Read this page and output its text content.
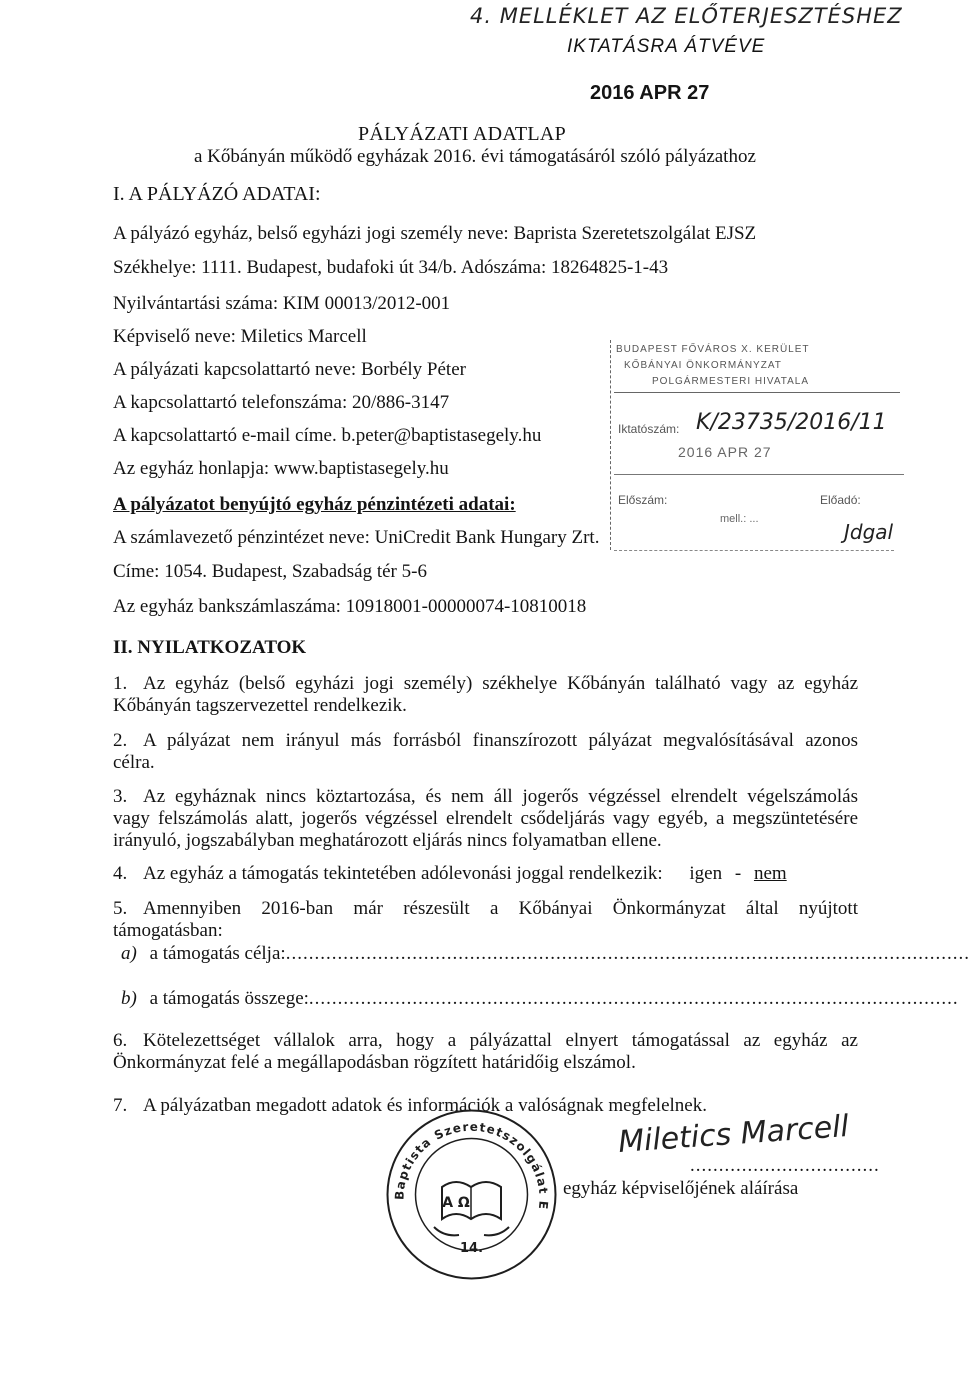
4. MELLÉKLET AZ ELŐTERJESZTÉSHEZ
IKTATÁSRA ÁTVÉVE
2016 APR 27
PÁLYÁZATI ADATLAP
a Kőbányán működő egyházak 2016. évi támogatásáról szóló pályázathoz
I. A PÁLYÁZÓ ADATAI:
A pályázó egyház, belső egyházi jogi személy neve: Baprista Szeretetszolgálat EJSZ
Székhelye: 1111. Budapest, budafoki út 34/b. Adószáma: 18264825-1-43
Nyilvántartási száma: KIM 00013/2012-001
Képviselő neve: Miletics Marcell
A pályázati kapcsolattartó neve: Borbély Péter
A kapcsolattartó telefonszáma: 20/886-3147
A kapcsolattartó e-mail címe. b.peter@baptistasegely.hu
Az egyház honlapja: www.baptistasegely.hu
A pályázatot benyújtó egyház pénzintézeti adatai:
A számlavezető pénzintézet neve: UniCredit Bank Hungary Zrt.
Címe: 1054. Budapest, Szabadság tér 5-6
Az egyház bankszámlaszáma: 10918001-00000074-10810018
BUDAPEST FŐVÁROS X. KERÜLET
KŐBÁNYAI ÖNKORMÁNYZAT
POLGÁRMESTERI HIVATALA
Iktatószám: K/23735/2016/11
2016 APR 27
Előszám:
mell.: ...
Előadó:
Jdgal
II. NYILATKOZATOK
1. Az egyház (belső egyházi jogi személy) székhelye Kőbányán található vagy az egyház
Kőbányán tagszervezettel rendelkezik.
2. A pályázat nem irányul más forrásból finanszírozott pályázat megvalósításával azonos
célra.
3. Az egyháznak nincs köztartozása, és nem áll jogerős végzéssel elrendelt végelszámolás
vagy felszámolás alatt, jogerős végzéssel elrendelt csődeljárás vagy egyéb, a megszüntetésére
irányuló, jogszabályban meghatározott eljárás nincs folyamatban ellene.
4. Az egyház a támogatás tekintetében adólevonási joggal rendelkezik: igen - nem
5. Amennyiben 2016-ban már részesült a Kőbányai Önkormányzat által nyújtott
támogatásban:
a) a támogatás célja:.......................................................................................................................
b) a támogatás összege:.................................................................................................................
6. Kötelezettséget vállalok arra, hogy a pályázattal elnyert támogatással az egyház az
Önkormányzat felé a megállapodásban rögzített határidőig elszámol.
7. A pályázatban megadott adatok és információk a valóságnak megfelelnek.
Miletics Marcell
.................................
egyház képviselőjének aláírása
Baptista Szeretetszolgálat E
A Ω
14.
